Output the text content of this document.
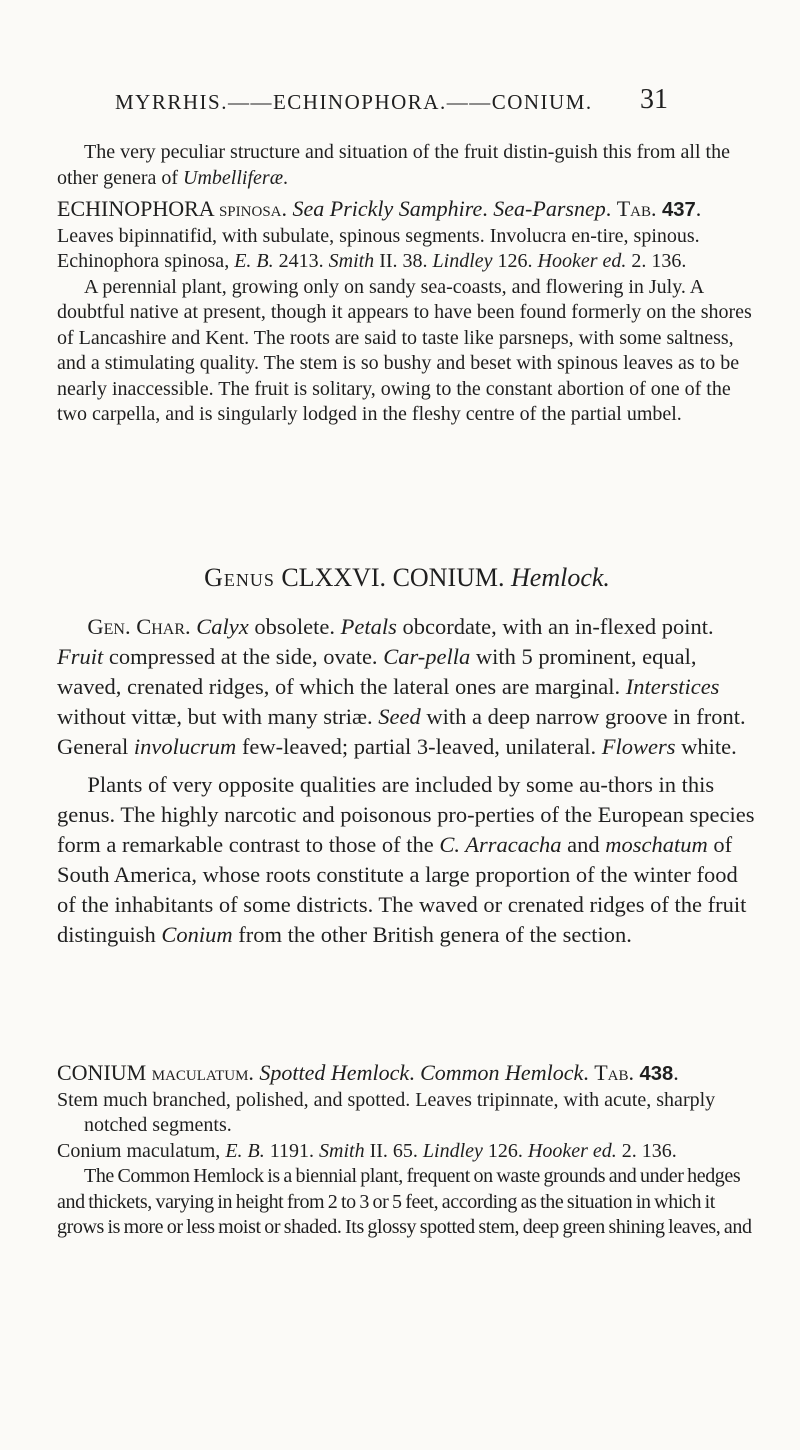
MYRRHIS.——ECHINOPHORA.——CONIUM. 31

The very peculiar structure and situation of the fruit distin-guish this from all the other genera of Umbelliferæ.

ECHINOPHORA spinosa. Sea Prickly Samphire. Sea-Parsnep. Tab. 437.

Leaves bipinnatifid, with subulate, spinous segments. Involucra en-tire, spinous.

Echinophora spinosa, E. B. 2413. Smith II. 38. Lindley 126. Hooker ed. 2. 136.

A perennial plant, growing only on sandy sea-coasts, and flowering in July. A doubtful native at present, though it appears to have been found formerly on the shores of Lancashire and Kent. The roots are said to taste like parsneps, with some saltness, and a stimulating quality. The stem is so bushy and beset with spinous leaves as to be nearly inaccessible. The fruit is solitary, owing to the constant abortion of one of the two carpella, and is singularly lodged in the fleshy centre of the partial umbel.

Genus CLXXVI. CONIUM. Hemlock.

Gen. Char. Calyx obsolete. Petals obcordate, with an in-flexed point. Fruit compressed at the side, ovate. Car-pella with 5 prominent, equal, waved, crenated ridges, of which the lateral ones are marginal. Interstices without vittæ, but with many striæ. Seed with a deep narrow groove in front. General involucrum few-leaved; partial 3-leaved, unilateral. Flowers white.

Plants of very opposite qualities are included by some au-thors in this genus. The highly narcotic and poisonous pro-perties of the European species form a remarkable contrast to those of the C. Arracacha and moschatum of South America, whose roots constitute a large proportion of the winter food of the inhabitants of some districts. The waved or crenated ridges of the fruit distinguish Conium from the other British genera of the section.

CONIUM maculatum. Spotted Hemlock. Common Hemlock. Tab. 438.

Stem much branched, polished, and spotted. Leaves tripinnate, with acute, sharply notched segments.

Conium maculatum, E. B. 1191. Smith II. 65. Lindley 126. Hooker ed. 2. 136.

The Common Hemlock is a biennial plant, frequent on waste grounds and under hedges and thickets, varying in height from 2 to 3 or 5 feet, according as the situation in which it grows is more or less moist or shaded. Its glossy spotted stem, deep green shining leaves, and
